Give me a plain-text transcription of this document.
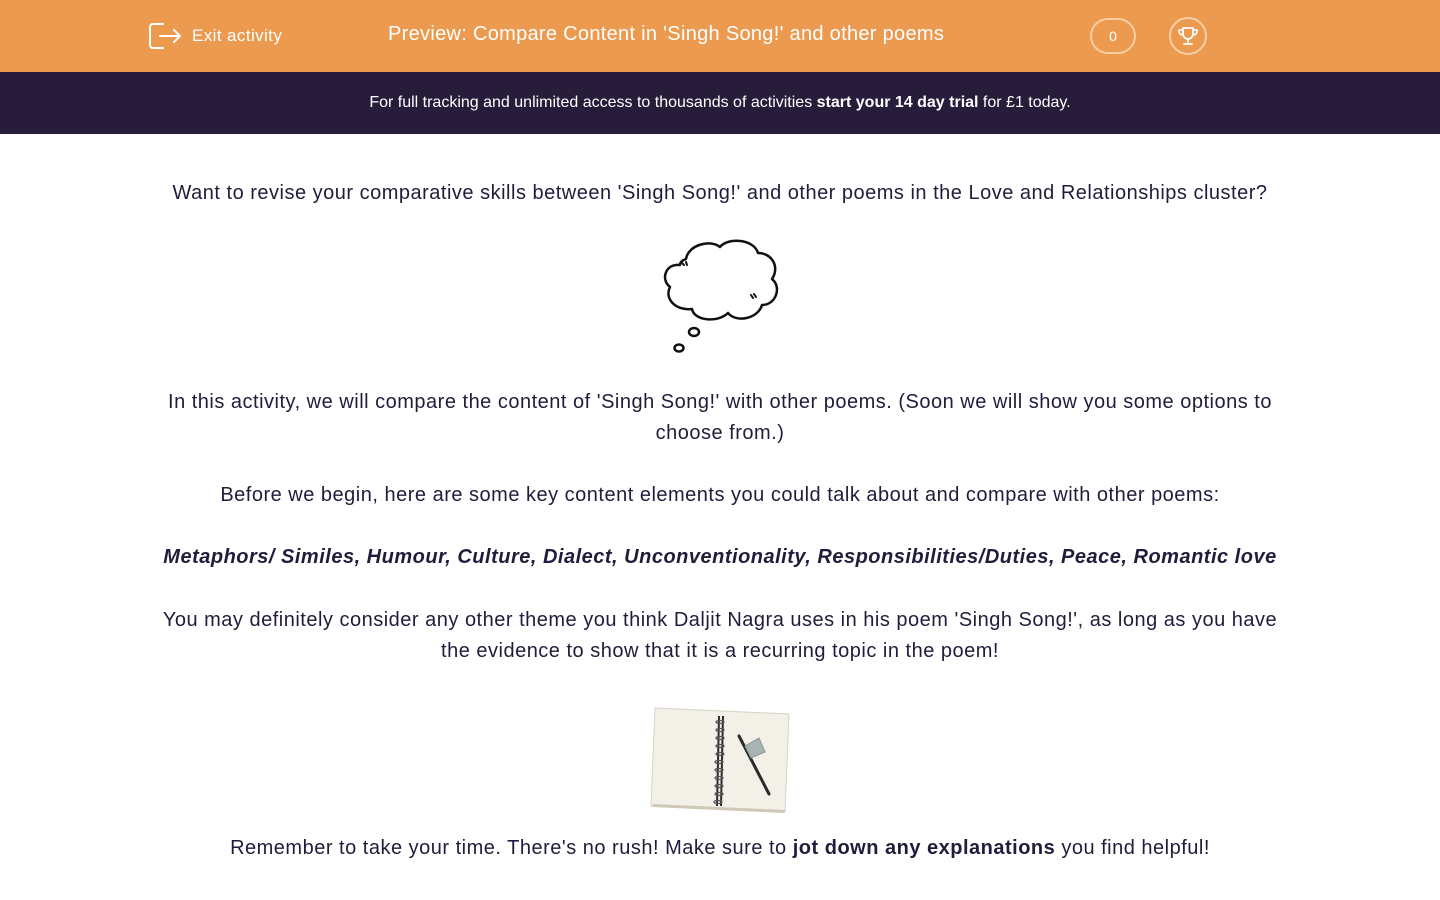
Exit activity	Preview: Compare Content in 'Singh Song!' and other poems	0
For full tracking and unlimited access to thousands of activities start your 14 day trial for £1 today.

Want to revise your comparative skills between 'Singh Song!' and other poems in the Love and Relationships cluster?

In this activity, we will compare the content of 'Singh Song!' with other poems. (Soon we will show you some options to choose from.)

Before we begin, here are some key content elements you could talk about and compare with other poems:

Metaphors/ Similes, Humour, Culture, Dialect, Unconventionality, Responsibilities/Duties, Peace, Romantic love

You may definitely consider any other theme you think Daljit Nagra uses in his poem 'Singh Song!', as long as you have the evidence to show that it is a recurring topic in the poem!

Remember to take your time. There's no rush! Make sure to jot down any explanations you find helpful!
